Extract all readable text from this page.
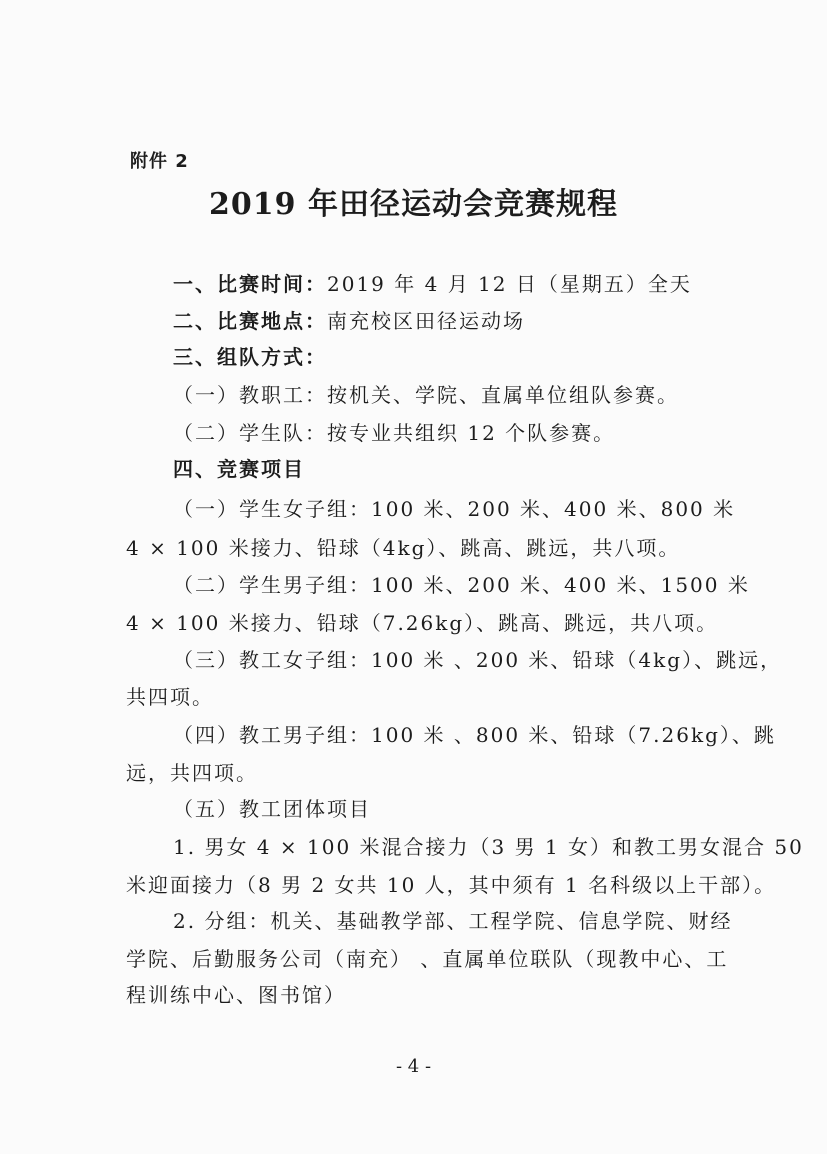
附件 2
2019 年田径运动会竞赛规程
一、比赛时间：2019 年 4 月 12 日（星期五）全天
二、比赛地点：南充校区田径运动场
三、组队方式：
（一）教职工：按机关、学院、直属单位组队参赛。
（二）学生队：按专业共组织 12 个队参赛。
四、竞赛项目
（一）学生女子组：100 米、200 米、400 米、800 米
4 × 100 米接力、铅球（4kg）、跳高、跳远，共八项。
（二）学生男子组：100 米、200 米、400 米、1500 米
4 × 100 米接力、铅球（7.26kg）、跳高、跳远，共八项。
（三）教工女子组：100 米 、200 米、铅球（4kg）、跳远，
共四项。
（四）教工男子组：100 米 、800 米、铅球（7.26kg）、跳
远，共四项。
（五）教工团体项目
1. 男女 4 × 100 米混合接力（3 男 1 女）和教工男女混合 50
米迎面接力（8 男 2 女共 10 人，其中须有 1 名科级以上干部）。
2. 分组：机关、基础教学部、工程学院、信息学院、财经
学院、后勤服务公司（南充） 、直属单位联队（现教中心、工
程训练中心、图书馆）
- 4 -
